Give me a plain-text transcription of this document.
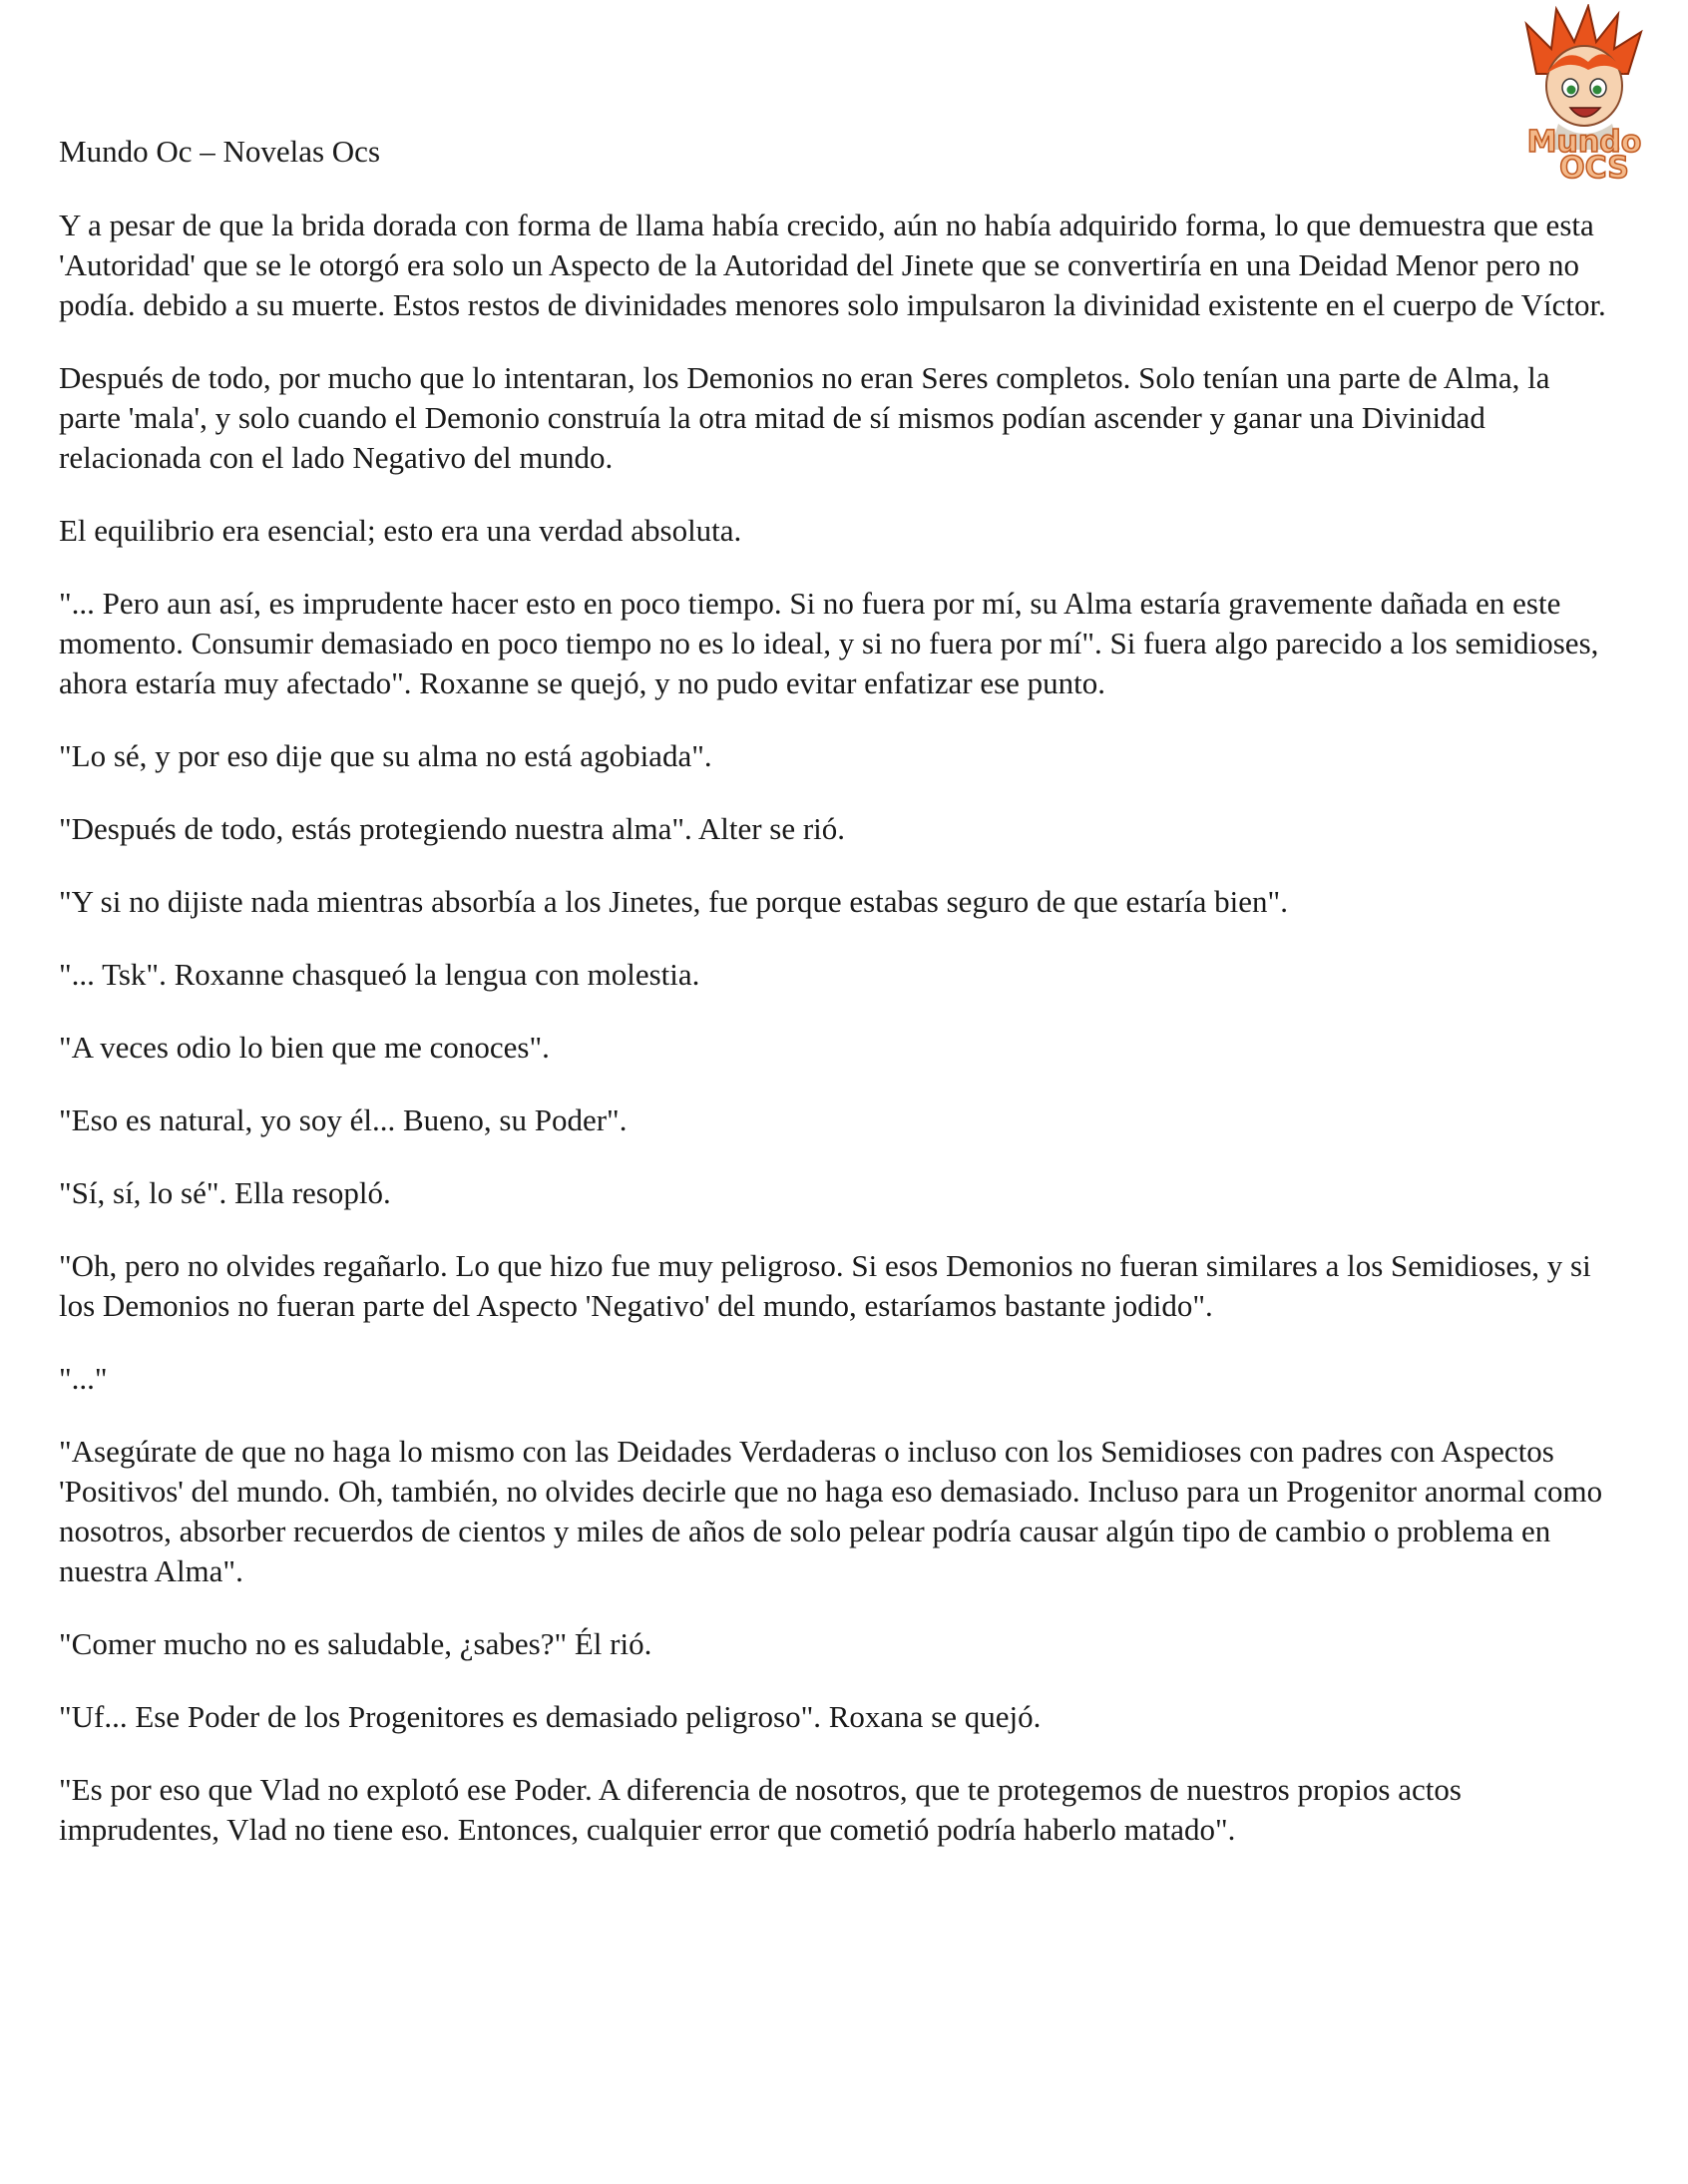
Mundo Oc – Novelas Ocs	Mundo
OCS

Y a pesar de que la brida dorada con forma de llama había crecido, aún no había adquirido forma, lo que demuestra que esta 'Autoridad' que se le otorgó era solo un Aspecto de la Autoridad del Jinete que se convertiría en una Deidad Menor pero no podía. debido a su muerte. Estos restos de divinidades menores solo impulsaron la divinidad existente en el cuerpo de Víctor.

Después de todo, por mucho que lo intentaran, los Demonios no eran Seres completos. Solo tenían una parte de Alma, la parte 'mala', y solo cuando el Demonio construía la otra mitad de sí mismos podían ascender y ganar una Divinidad relacionada con el lado Negativo del mundo.

El equilibrio era esencial; esto era una verdad absoluta.

"... Pero aun así, es imprudente hacer esto en poco tiempo. Si no fuera por mí, su Alma estaría gravemente dañada en este momento. Consumir demasiado en poco tiempo no es lo ideal, y si no fuera por mí". Si fuera algo parecido a los semidioses, ahora estaría muy afectado". Roxanne se quejó, y no pudo evitar enfatizar ese punto.

"Lo sé, y por eso dije que su alma no está agobiada".

"Después de todo, estás protegiendo nuestra alma". Alter se rió.

"Y si no dijiste nada mientras absorbía a los Jinetes, fue porque estabas seguro de que estaría bien".

"... Tsk". Roxanne chasqueó la lengua con molestia.

"A veces odio lo bien que me conoces".

"Eso es natural, yo soy él... Bueno, su Poder".

"Sí, sí, lo sé". Ella resopló.

"Oh, pero no olvides regañarlo. Lo que hizo fue muy peligroso. Si esos Demonios no fueran similares a los Semidioses, y si los Demonios no fueran parte del Aspecto 'Negativo' del mundo, estaríamos bastante jodido".

"..."

"Asegúrate de que no haga lo mismo con las Deidades Verdaderas o incluso con los Semidioses con padres con Aspectos 'Positivos' del mundo. Oh, también, no olvides decirle que no haga eso demasiado. Incluso para un Progenitor anormal como nosotros, absorber recuerdos de cientos y miles de años de solo pelear podría causar algún tipo de cambio o problema en nuestra Alma".

"Comer mucho no es saludable, ¿sabes?" Él rió.

"Uf... Ese Poder de los Progenitores es demasiado peligroso". Roxana se quejó.

"Es por eso que Vlad no explotó ese Poder. A diferencia de nosotros, que te protegemos de nuestros propios actos imprudentes, Vlad no tiene eso. Entonces, cualquier error que cometió podría haberlo matado".
